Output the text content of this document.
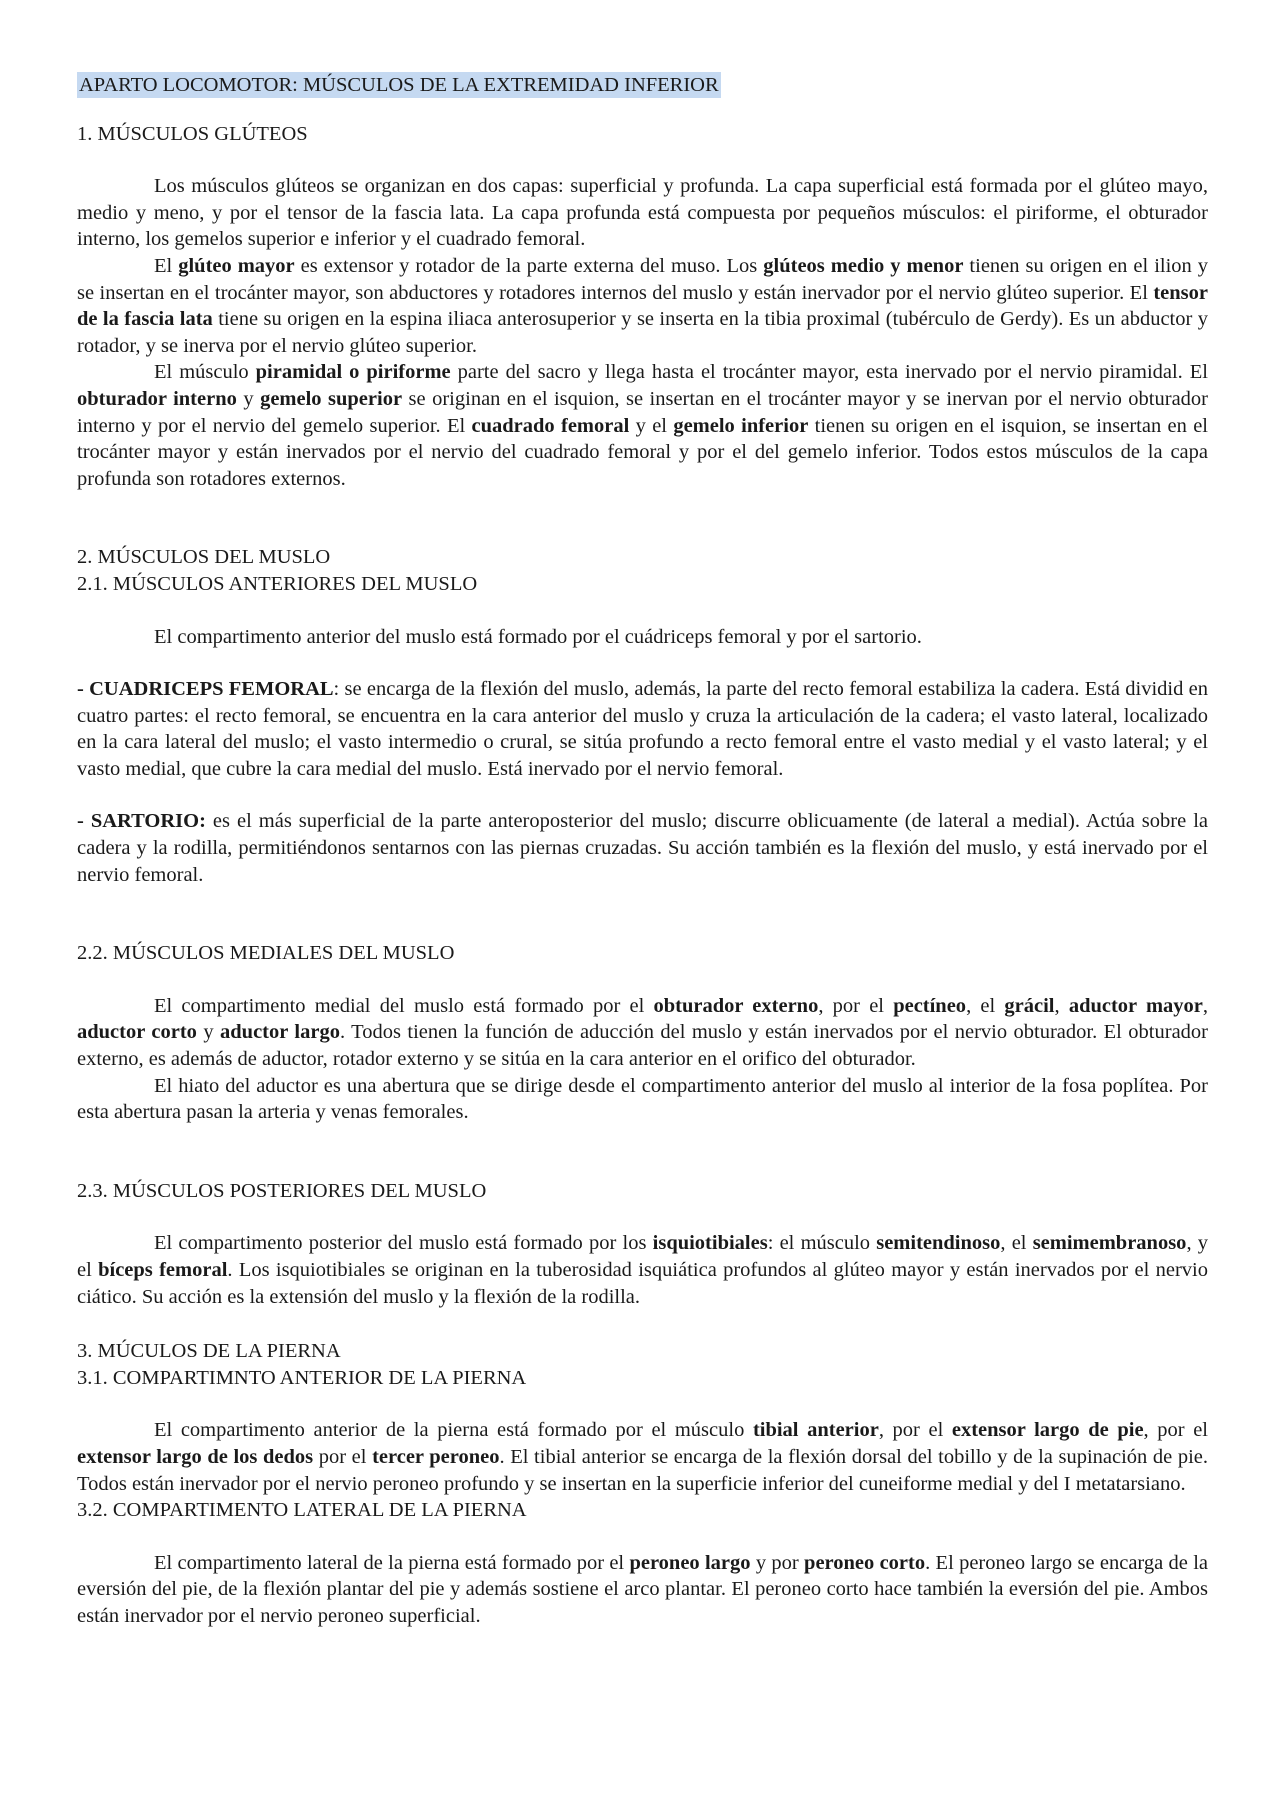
APARTO LOCOMOTOR: MÚSCULOS DE LA EXTREMIDAD INFERIOR
1. MÚSCULOS GLÚTEOS

Los músculos glúteos se organizan en dos capas: superficial y profunda. La capa superficial está formada por el glúteo mayo, medio y meno, y por el tensor de la fascia lata. La capa profunda está compuesta por pequeños músculos: el piriforme, el obturador interno, los gemelos superior e inferior y el cuadrado femoral.

El glúteo mayor es extensor y rotador de la parte externa del muso. Los glúteos medio y menor tienen su origen en el ilion y se insertan en el trocánter mayor, son abductores y rotadores internos del muslo y están inervador por el nervio glúteo superior. El tensor de la fascia lata tiene su origen en la espina iliaca anterosuperior y se inserta en la tibia proximal (tubérculo de Gerdy). Es un abductor y rotador, y se inerva por el nervio glúteo superior.

El músculo piramidal o piriforme parte del sacro y llega hasta el trocánter mayor, esta inervado por el nervio piramidal. El obturador interno y gemelo superior se originan en el isquion, se insertan en el trocánter mayor y se inervan por el nervio obturador interno y por el nervio del gemelo superior. El cuadrado femoral y el gemelo inferior tienen su origen en el isquion, se insertan en el trocánter mayor y están inervados por el nervio del cuadrado femoral y por el del gemelo inferior. Todos estos músculos de la capa profunda son rotadores externos.

2. MÚSCULOS DEL MUSLO
2.1. MÚSCULOS ANTERIORES DEL MUSLO

El compartimento anterior del muslo está formado por el cuádriceps femoral y por el sartorio.

- CUADRICEPS FEMORAL: se encarga de la flexión del muslo, además, la parte del recto femoral estabiliza la cadera. Está dividid en cuatro partes: el recto femoral, se encuentra en la cara anterior del muslo y cruza la articulación de la cadera; el vasto lateral, localizado en la cara lateral del muslo; el vasto intermedio o crural, se sitúa profundo a recto femoral entre el vasto medial y el vasto lateral; y el vasto medial, que cubre la cara medial del muslo. Está inervado por el nervio femoral.

- SARTORIO: es el más superficial de la parte anteroposterior del muslo; discurre oblicuamente (de lateral a medial). Actúa sobre la cadera y la rodilla, permitiéndonos sentarnos con las piernas cruzadas. Su acción también es la flexión del muslo, y está inervado por el nervio femoral.

2.2. MÚSCULOS MEDIALES DEL MUSLO

El compartimento medial del muslo está formado por el obturador externo, por el pectíneo, el grácil, aductor mayor, aductor corto y aductor largo. Todos tienen la función de aducción del muslo y están inervados por el nervio obturador. El obturador externo, es además de aductor, rotador externo y se sitúa en la cara anterior en el orifico del obturador.

El hiato del aductor es una abertura que se dirige desde el compartimento anterior del muslo al interior de la fosa poplítea. Por esta abertura pasan la arteria y venas femorales.

2.3. MÚSCULOS POSTERIORES DEL MUSLO

El compartimento posterior del muslo está formado por los isquiotibiales: el músculo semitendinoso, el semimembranoso, y el bíceps femoral. Los isquiotibiales se originan en la tuberosidad isquiática profundos al glúteo mayor y están inervados por el nervio ciático. Su acción es la extensión del muslo y la flexión de la rodilla.

3. MÚCULOS DE LA PIERNA
3.1. COMPARTIMNTO ANTERIOR DE LA PIERNA

El compartimento anterior de la pierna está formado por el músculo tibial anterior, por el extensor largo de pie, por el extensor largo de los dedos por el tercer peroneo. El tibial anterior se encarga de la flexión dorsal del tobillo y de la supinación de pie. Todos están inervador por el nervio peroneo profundo y se insertan en la superficie inferior del cuneiforme medial y del I metatarsiano.

3.2. COMPARTIMENTO LATERAL DE LA PIERNA

El compartimento lateral de la pierna está formado por el peroneo largo y por peroneo corto. El peroneo largo se encarga de la eversión del pie, de la flexión plantar del pie y además sostiene el arco plantar. El peroneo corto hace también la eversión del pie. Ambos están inervador por el nervio peroneo superficial.
